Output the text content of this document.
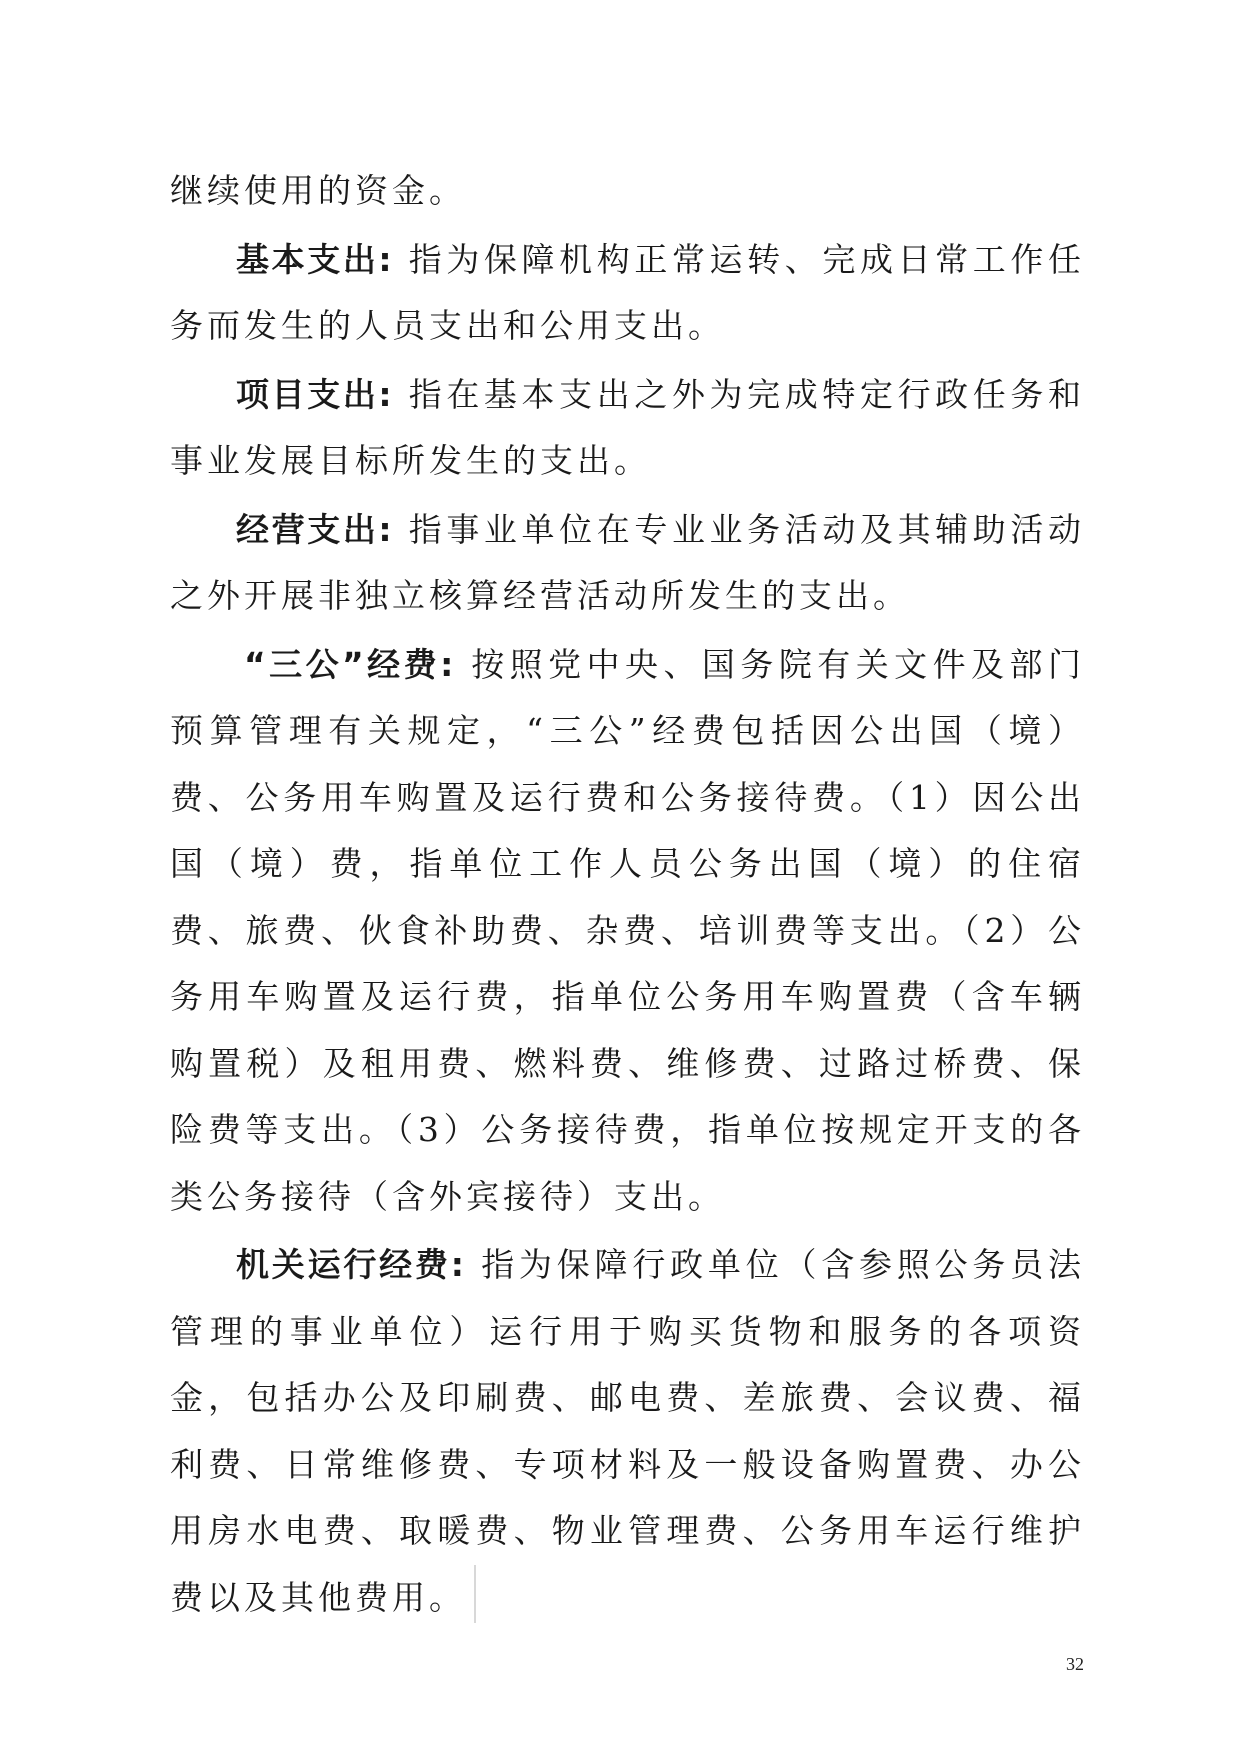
继续使用的资金。

基本支出: 指为保障机构正常运转、完成日常工作任务而发生的人员支出和公用支出。

项目支出: 指在基本支出之外为完成特定行政任务和事业发展目标所发生的支出。

经营支出: 指事业单位在专业业务活动及其辅助活动之外开展非独立核算经营活动所发生的支出。

“三公”经费: 按照党中央、国务院有关文件及部门预算管理有关规定，“三公”经费包括因公出国（境）费、公务用车购置及运行费和公务接待费。（1）因公出国（境）费，指单位工作人员公务出国（境）的住宿费、旅费、伙食补助费、杂费、培训费等支出。（2）公务用车购置及运行费，指单位公务用车购置费（含车辆购置税）及租用费、燃料费、维修费、过路过桥费、保险费等支出。（3）公务接待费，指单位按规定开支的各类公务接待（含外宾接待）支出。

机关运行经费: 指为保障行政单位（含参照公务员法管理的事业单位）运行用于购买货物和服务的各项资金，包括办公及印刷费、邮电费、差旅费、会议费、福利费、日常维修费、专项材料及一般设备购置费、办公用房水电费、取暖费、物业管理费、公务用车运行维护费以及其他费用。

32
